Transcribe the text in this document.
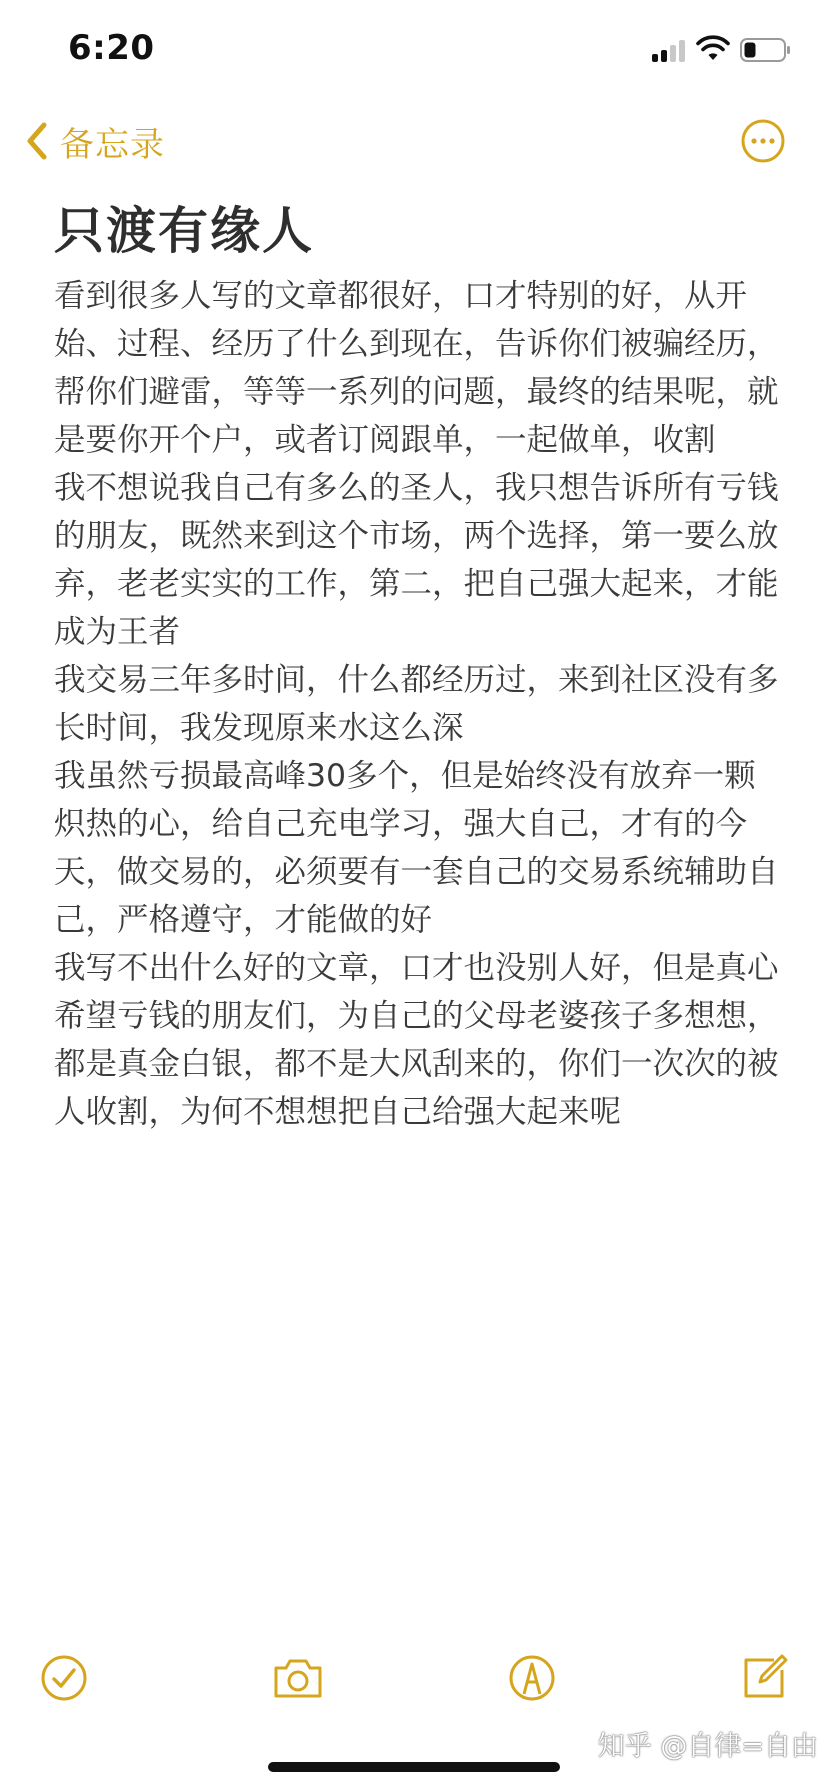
6:20
备忘录
只渡有缘人

看到很多人写的文章都很好，口才特别的好，从开始、过程、经历了什么到现在，告诉你们被骗经历，帮你们避雷，等等一系列的问题，最终的结果呢，就是要你开个户，或者订阅跟单，一起做单，收割

我不想说我自己有多么的圣人，我只想告诉所有亏钱的朋友，既然来到这个市场，两个选择，第一要么放弃，老老实实的工作，第二，把自己强大起来，才能成为王者

我交易三年多时间，什么都经历过，来到社区没有多长时间，我发现原来水这么深

我虽然亏损最高峰30多个，但是始终没有放弃一颗炽热的心，给自己充电学习，强大自己，才有的今天，做交易的，必须要有一套自己的交易系统辅助自己，严格遵守，才能做的好

我写不出什么好的文章，口才也没别人好，但是真心希望亏钱的朋友们，为自己的父母老婆孩子多想想，都是真金白银，都不是大风刮来的，你们一次次的被人收割，为何不想想把自己给强大起来呢

知乎 @自律=自由
